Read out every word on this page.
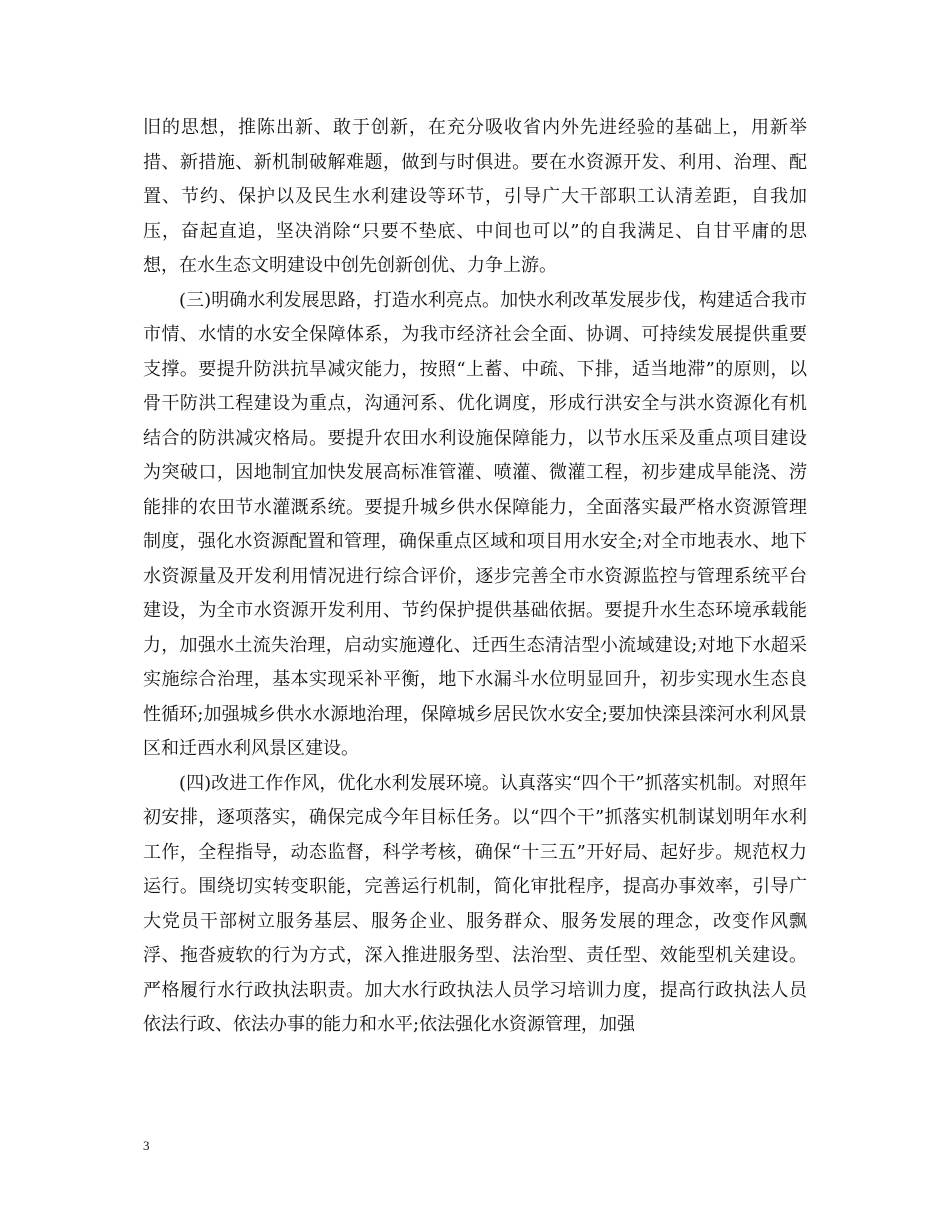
旧的思想，推陈出新、敢于创新，在充分吸收省内外先进经验的基础上，用新举措、新措施、新机制破解难题，做到与时俱进。要在水资源开发、利用、治理、配置、节约、保护以及民生水利建设等环节，引导广大干部职工认清差距，自我加压，奋起直追，坚决消除“只要不垫底、中间也可以”的自我满足、自甘平庸的思想，在水生态文明建设中创先创新创优、力争上游。

(三)明确水利发展思路，打造水利亮点。加快水利改革发展步伐，构建适合我市市情、水情的水安全保障体系，为我市经济社会全面、协调、可持续发展提供重要支撑。要提升防洪抗旱减灾能力，按照“上蓄、中疏、下排，适当地滞”的原则，以骨干防洪工程建设为重点，沟通河系、优化调度，形成行洪安全与洪水资源化有机结合的防洪减灾格局。要提升农田水利设施保障能力，以节水压采及重点项目建设为突破口，因地制宜加快发展高标准管灌、喷灌、微灌工程，初步建成旱能浇、涝能排的农田节水灌溉系统。要提升城乡供水保障能力，全面落实最严格水资源管理制度，强化水资源配置和管理，确保重点区域和项目用水安全;对全市地表水、地下水资源量及开发利用情况进行综合评价，逐步完善全市水资源监控与管理系统平台建设，为全市水资源开发利用、节约保护提供基础依据。要提升水生态环境承载能力，加强水土流失治理，启动实施遵化、迁西生态清洁型小流域建设;对地下水超采实施综合治理，基本实现采补平衡，地下水漏斗水位明显回升，初步实现水生态良性循环;加强城乡供水水源地治理，保障城乡居民饮水安全;要加快滦县滦河水利风景区和迁西水利风景区建设。

(四)改进工作作风，优化水利发展环境。认真落实“四个干”抓落实机制。对照年初安排，逐项落实，确保完成今年目标任务。以“四个干”抓落实机制谋划明年水利工作，全程指导，动态监督，科学考核，确保“十三五”开好局、起好步。规范权力运行。围绕切实转变职能，完善运行机制，简化审批程序，提高办事效率，引导广大党员干部树立服务基层、服务企业、服务群众、服务发展的理念，改变作风飘浮、拖沓疲软的行为方式，深入推进服务型、法治型、责任型、效能型机关建设。严格履行水行政执法职责。加大水行政执法人员学习培训力度，提高行政执法人员依法行政、依法办事的能力和水平;依法强化水资源管理，加强

3
